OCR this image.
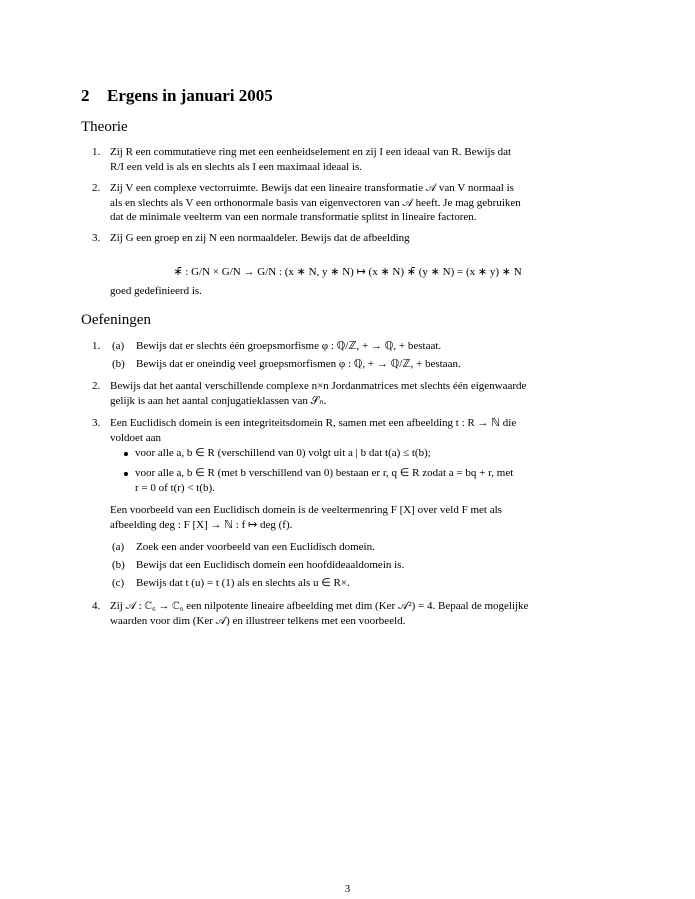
2 Ergens in januari 2005
Theorie
1. Zij R een commutatieve ring met een eenheidselement en zij I een ideaal van R. Bewijs dat
R/I een veld is als en slechts als I een maximaal ideaal is.
2. Zij V een complexe vectorruimte. Bewijs dat een lineaire transformatie 𝒜 van V normaal is
als en slechts als V een orthonormale basis van eigenvectoren van 𝒜 heeft. Je mag gebruiken
dat de minimale veelterm van een normale transformatie splitst in lineaire factoren.
3. Zij G een groep en zij N een normaaldeler. Bewijs dat de afbeelding
∗̄ : G/N × G/N → G/N : (x ∗ N, y ∗ N) ↦ (x ∗ N) ∗̄ (y ∗ N) = (x ∗ y) ∗ N
goed gedefinieerd is.
Oefeningen
1. (a) Bewijs dat er slechts één groepsmorfisme φ : ℚ/ℤ, + → ℚ, + bestaat.
(b) Bewijs dat er oneindig veel groepsmorfismen φ : ℚ, + → ℚ/ℤ, + bestaan.
2. Bewijs dat het aantal verschillende complexe n×n Jordanmatrices met slechts één eigenwaarde
gelijk is aan het aantal conjugatieklassen van 𝒮ₙ.
3. Een Euclidisch domein is een integriteitsdomein R, samen met een afbeelding t : R → ℕ die
voldoet aan
voor alle a, b ∈ R (verschillend van 0) volgt uit a | b dat t(a) ≤ t(b);
voor alle a, b ∈ R (met b verschillend van 0) bestaan er r, q ∈ R zodat a = bq + r, met
r = 0 of t(r) < t(b).
Een voorbeeld van een Euclidisch domein is de veeltermenring F [X] over veld F met als
afbeelding deg : F [X] → ℕ : f ↦ deg (f).
(a) Zoek een ander voorbeeld van een Euclidisch domein.
(b) Bewijs dat een Euclidisch domein een hoofdideaaldomein is.
(c) Bewijs dat t (u) = t (1) als en slechts als u ∈ R×.
4. Zij 𝒜 : ℂ₆ → ℂ₆ een nilpotente lineaire afbeelding met dim (Ker 𝒜²) = 4. Bepaal de mogelijke
waarden voor dim (Ker 𝒜) en illustreer telkens met een voorbeeld.
3
